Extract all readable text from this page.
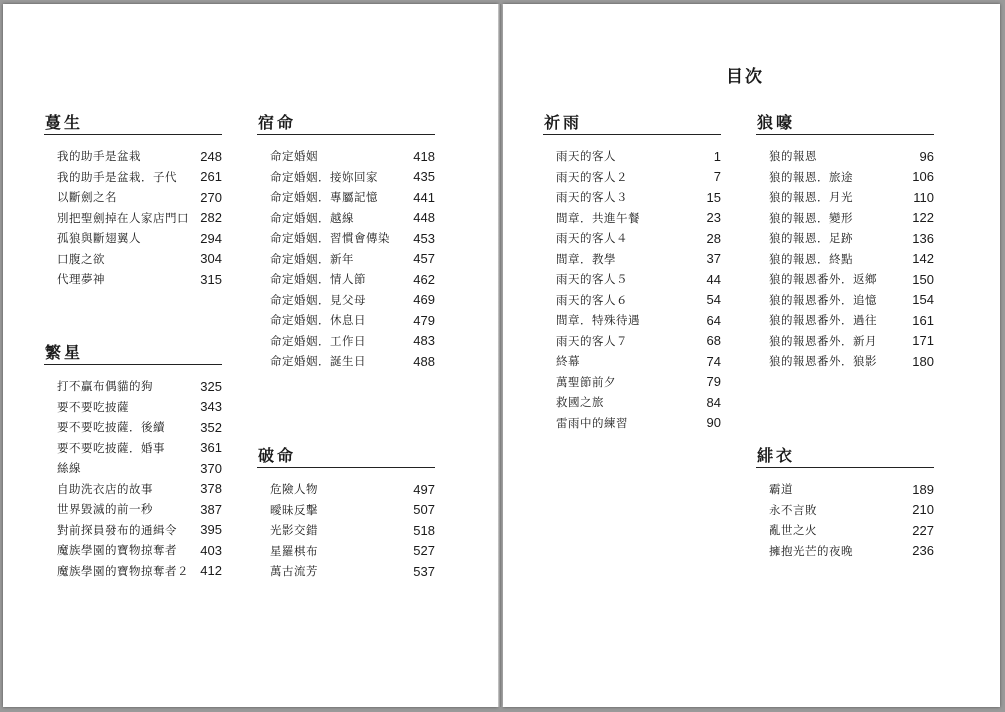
目次
蔓生
我的助手是盆栽	248
我的助手是盆栽．子代 261
以斷劍之名	270
別把聖劍掉在人家店門口 282
孤狼與斷翅翼人	294
口腹之欲	304
代理夢神	315
繁星
打不贏布偶貓的狗	325
要不要吃披薩	343
要不要吃披薩．後續	352
要不要吃披薩．婚事	361
絲線	370
自助洗衣店的故事	378
世界毀滅的前一秒	387
對前探員發布的通緝令 395
魔族學園的寶物掠奪者 403
魔族學園的寶物掠奪者２ 412
宿命
命定婚姻	418
命定婚姻．接妳回家	435
命定婚姻．專屬記憶	441
命定婚姻．越線	448
命定婚姻．習慣會傳染 453
命定婚姻．新年	457
命定婚姻．情人節	462
命定婚姻．見父母	469
命定婚姻．休息日	479
命定婚姻．工作日	483
命定婚姻．誕生日	488
破命
危險人物	497
曖昧反擊	507
光影交錯	518
星羅棋布	527
萬古流芳	537
祈雨
雨天的客人	1
雨天的客人２	7
雨天的客人３	15
間章．共進午餐	23
雨天的客人４	28
間章．教學	37
雨天的客人５	44
雨天的客人６	54
間章．特殊待遇	64
雨天的客人７	68
終幕	74
萬聖節前夕	79
救國之旅	84
雷雨中的練習	90
狼嚎
狼的報恩	96
狼的報恩．旅途	106
狼的報恩．月光	110
狼的報恩．變形	122
狼的報恩．足跡	136
狼的報恩．終點	142
狼的報恩番外．返鄉	150
狼的報恩番外．追憶	154
狼的報恩番外．過往	161
狼的報恩番外．新月	171
狼的報恩番外．狼影	180
緋衣
霸道	189
永不言敗	210
亂世之火	227
擁抱光芒的夜晚	236
